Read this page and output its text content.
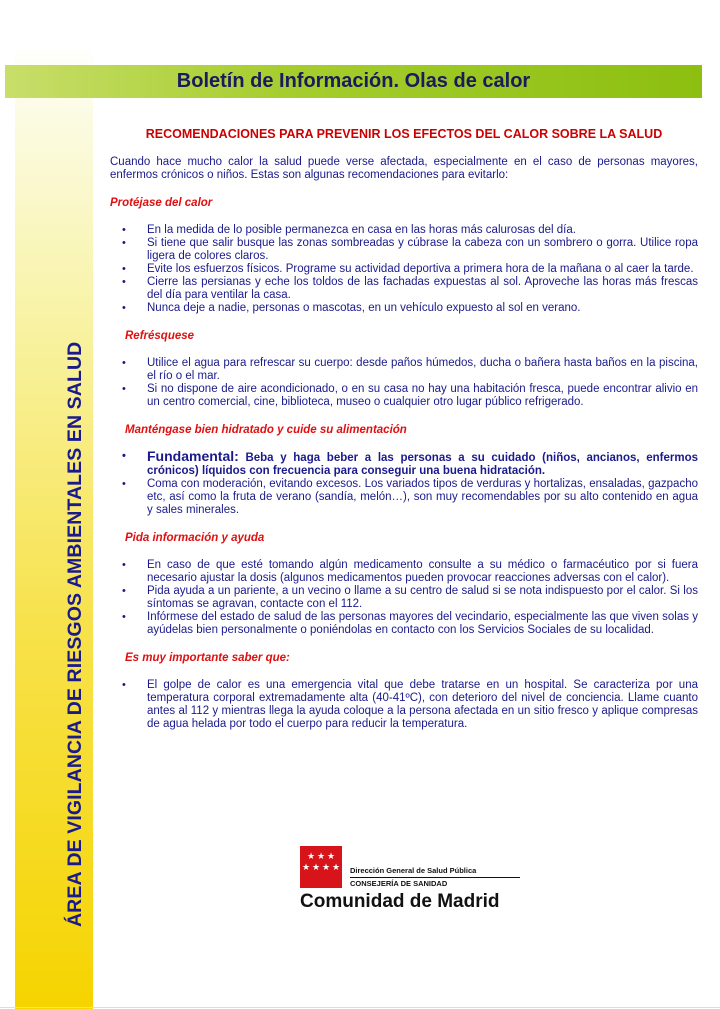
ÁREA DE VIGILANCIA DE RIESGOS AMBIENTALES EN SALUD
Boletín de Información. Olas de calor
RECOMENDACIONES PARA PREVENIR LOS EFECTOS DEL CALOR SOBRE LA SALUD

Cuando hace mucho calor la salud puede verse afectada, especialmente en el caso de personas mayores, enfermos crónicos o niños. Estas son algunas recomendaciones para evitarlo:

Protéjase del calor

• En la medida de lo posible permanezca en casa en las horas más calurosas del día.
• Si tiene que salir busque las zonas sombreadas y cúbrase la cabeza con un sombrero o gorra. Utilice ropa ligera de colores claros.
• Evite los esfuerzos físicos. Programe su actividad deportiva a primera hora de la mañana o al caer la tarde.
• Cierre las persianas y eche los toldos de las fachadas expuestas al sol. Aproveche las horas más frescas del día para ventilar la casa.
• Nunca deje a nadie, personas o mascotas, en un vehículo expuesto al sol en verano.

Refrésquese

• Utilice el agua para refrescar su cuerpo: desde paños húmedos, ducha o bañera hasta baños en la piscina, el río o el mar.
• Si no dispone de aire acondicionado, o en su casa no hay una habitación fresca, puede encontrar alivio en un centro comercial, cine, biblioteca, museo o cualquier otro lugar público refrigerado.

Manténgase bien hidratado y cuide su alimentación

• Fundamental: Beba y haga beber a las personas a su cuidado (niños, ancianos, enfermos crónicos) líquidos con frecuencia para conseguir una buena hidratación.
• Coma con moderación, evitando excesos. Los variados tipos de verduras y hortalizas, ensaladas, gazpacho etc, así como la fruta de verano (sandía, melón…), son muy recomendables por su alto contenido en agua y sales minerales.

Pida información y ayuda

• En caso de que esté tomando algún medicamento consulte a su médico o farmacéutico por si fuera necesario ajustar la dosis (algunos medicamentos pueden provocar reacciones adversas con el calor).
• Pida ayuda a un pariente, a un vecino o llame a su centro de salud si se nota indispuesto por el calor. Si los síntomas se agravan, contacte con el 112.
• Infórmese del estado de salud de las personas mayores del vecindario, especialmente las que viven solas y ayúdelas bien personalmente o poniéndolas en contacto con los Servicios Sociales de su localidad.

Es muy importante saber que:

• El golpe de calor es una emergencia vital que debe tratarse en un hospital. Se caracteriza por una temperatura corporal extremadamente alta (40-41ºC), con deterioro del nivel de conciencia. Llame cuanto antes al 112 y mientras llega la ayuda coloque a la persona afectada en un sitio fresco y aplique compresas de agua helada por todo el cuerpo para reducir la temperatura.
★ ★ ★
★ ★ ★ ★ Dirección General de Salud Pública
CONSEJERÍA DE SANIDAD
Comunidad de Madrid
